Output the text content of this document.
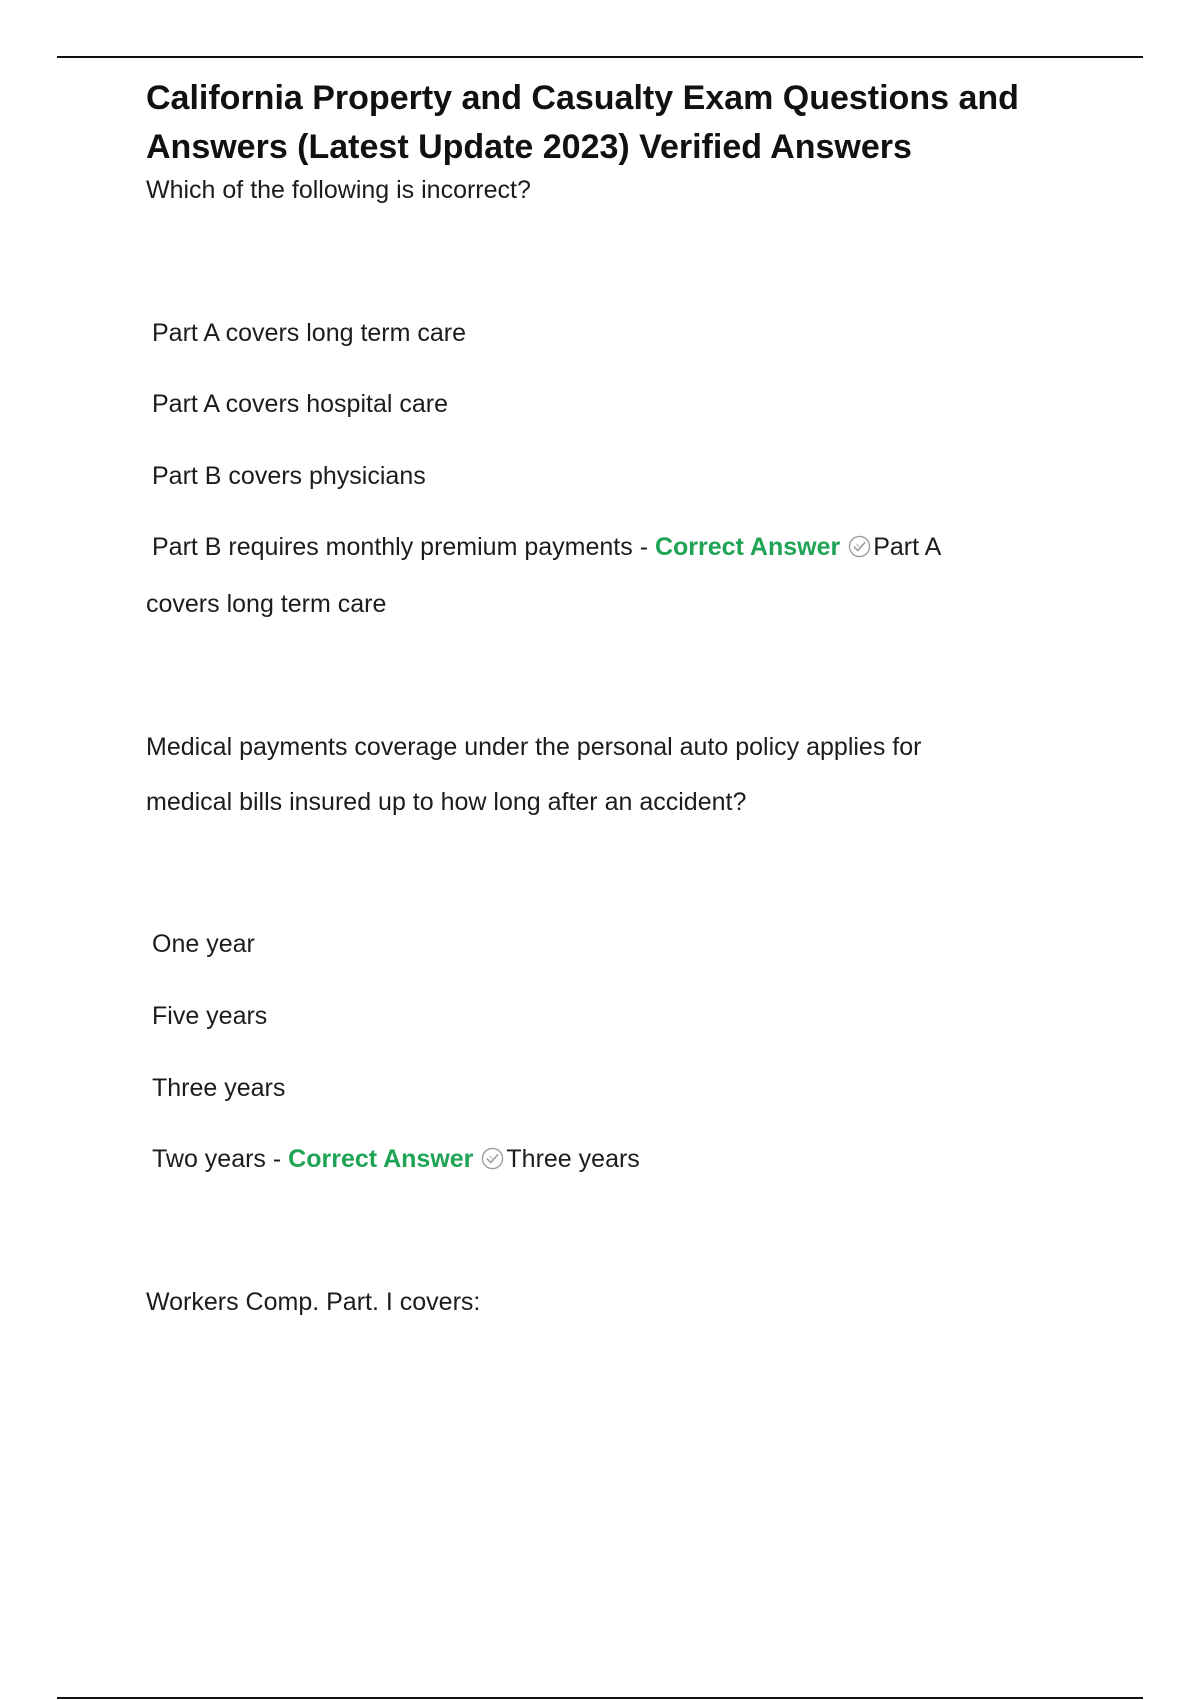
California Property and Casualty Exam Questions and Answers (Latest Update 2023) Verified Answers

Which of the following is incorrect?

Part A covers long term care

Part A covers hospital care

Part B covers physicians

Part B requires monthly premium payments - Correct Answer Part A

covers long term care

Medical payments coverage under the personal auto policy applies for

medical bills insured up to how long after an accident?

One year

Five years

Three years

Two years - Correct Answer Three years

Workers Comp. Part. I covers:
